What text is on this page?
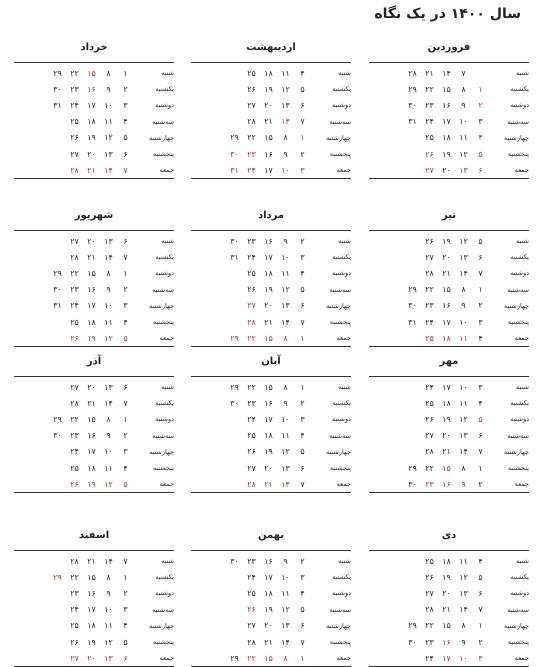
سال ۱۴۰۰ در یک نگاه
فروردین
شنبه
۷
۱۴
۲۱
۲۸
یکشنبه
۱
۸
۱۵
۲۲
۲۹
دوشنبه
۲
۹
۱۶
۲۳
۳۰
سه‌شنبه
۳
۱۰
۱۷
۲۴
۳۱
چهارشنبه
۴
۱۱
۱۸
۲۵
پنجشنبه
۵
۱۲
۱۹
۲۶
جمعه
۶
۱۳
۲۰
۲۷
اردیبهشت
شنبه
۴
۱۱
۱۸
۲۵
یکشنبه
۵
۱۲
۱۹
۲۶
دوشنبه
۶
۱۳
۲۰
۲۷
سه‌شنبه
۷
۱۴
۲۱
۲۸
چهارشنبه
۱
۸
۱۵
۲۲
۲۹
پنجشنبه
۲
۹
۱۶
۲۳
۳۰
جمعه
۳
۱۰
۱۷
۲۴
۳۱
خرداد
شنبه
۱
۸
۱۵
۲۲
۲۹
یکشنبه
۲
۹
۱۶
۲۳
۳۰
دوشنبه
۳
۱۰
۱۷
۲۴
۳۱
سه‌شنبه
۴
۱۱
۱۸
۲۵
چهارشنبه
۵
۱۲
۱۹
۲۶
پنجشنبه
۶
۱۳
۲۰
۲۷
جمعه
۷
۱۴
۲۱
۲۸
تیر
شنبه
۵
۱۲
۱۹
۲۶
یکشنبه
۶
۱۳
۲۰
۲۷
دوشنبه
۷
۱۴
۲۱
۲۸
سه‌شنبه
۱
۸
۱۵
۲۲
۲۹
چهارشنبه
۲
۹
۱۶
۲۳
۳۰
پنجشنبه
۳
۱۰
۱۷
۲۴
۳۱
جمعه
۴
۱۱
۱۸
۲۵
مرداد
شنبه
۲
۹
۱۶
۲۳
۳۰
یکشنبه
۳
۱۰
۱۷
۲۴
۳۱
دوشنبه
۴
۱۱
۱۸
۲۵
سه‌شنبه
۵
۱۲
۱۹
۲۶
چهارشنبه
۶
۱۳
۲۰
۲۷
پنجشنبه
۷
۱۴
۲۱
۲۸
جمعه
۱
۸
۱۵
۲۲
۲۹
شهریور
شنبه
۶
۱۳
۲۰
۲۷
یکشنبه
۷
۱۴
۲۱
۲۸
دوشنبه
۱
۸
۱۵
۲۲
۲۹
سه‌شنبه
۲
۹
۱۶
۲۳
۳۰
چهارشنبه
۳
۱۰
۱۷
۲۴
۳۱
پنجشنبه
۴
۱۱
۱۸
۲۵
جمعه
۵
۱۲
۱۹
۲۶
مهر
شنبه
۳
۱۰
۱۷
۲۴
یکشنبه
۴
۱۱
۱۸
۲۵
دوشنبه
۵
۱۲
۱۹
۲۶
سه‌شنبه
۶
۱۳
۲۰
۲۷
چهارشنبه
۷
۱۴
۲۱
۲۸
پنجشنبه
۱
۸
۱۵
۲۲
۲۹
جمعه
۲
۹
۱۶
۲۳
۳۰
آبان
شنبه
۱
۸
۱۵
۲۲
۲۹
یکشنبه
۲
۹
۱۶
۲۳
۳۰
دوشنبه
۳
۱۰
۱۷
۲۴
سه‌شنبه
۴
۱۱
۱۸
۲۵
چهارشنبه
۵
۱۲
۱۹
۲۶
پنجشنبه
۶
۱۳
۲۰
۲۷
جمعه
۷
۱۴
۲۱
۲۸
آذر
شنبه
۶
۱۳
۲۰
۲۷
یکشنبه
۷
۱۴
۲۱
۲۸
دوشنبه
۱
۸
۱۵
۲۲
۲۹
سه‌شنبه
۲
۹
۱۶
۲۳
۳۰
چهارشنبه
۳
۱۰
۱۷
۲۴
پنجشنبه
۴
۱۱
۱۸
۲۵
جمعه
۵
۱۲
۱۹
۲۶
دی
شنبه
۴
۱۱
۱۸
۲۵
یکشنبه
۵
۱۲
۱۹
۲۶
دوشنبه
۶
۱۳
۲۰
۲۷
سه‌شنبه
۷
۱۴
۲۱
۲۸
چهارشنبه
۱
۸
۱۵
۲۲
۲۹
پنجشنبه
۲
۹
۱۶
۲۳
۳۰
جمعه
۳
۱۰
۱۷
۲۴
بهمن
شنبه
۲
۹
۱۶
۲۳
۳۰
یکشنبه
۳
۱۰
۱۷
۲۴
دوشنبه
۴
۱۱
۱۸
۲۵
سه‌شنبه
۵
۱۲
۱۹
۲۶
چهارشنبه
۶
۱۳
۲۰
۲۷
پنجشنبه
۷
۱۴
۲۱
۲۸
جمعه
۱
۸
۱۵
۲۲
۲۹
اسفند
شنبه
۷
۱۴
۲۱
۲۸
یکشنبه
۱
۸
۱۵
۲۲
۲۹
دوشنبه
۲
۹
۱۶
۲۳
سه‌شنبه
۳
۱۰
۱۷
۲۴
چهارشنبه
۴
۱۱
۱۸
۲۵
پنجشنبه
۵
۱۲
۱۹
۲۶
جمعه
۶
۱۳
۲۰
۲۷
